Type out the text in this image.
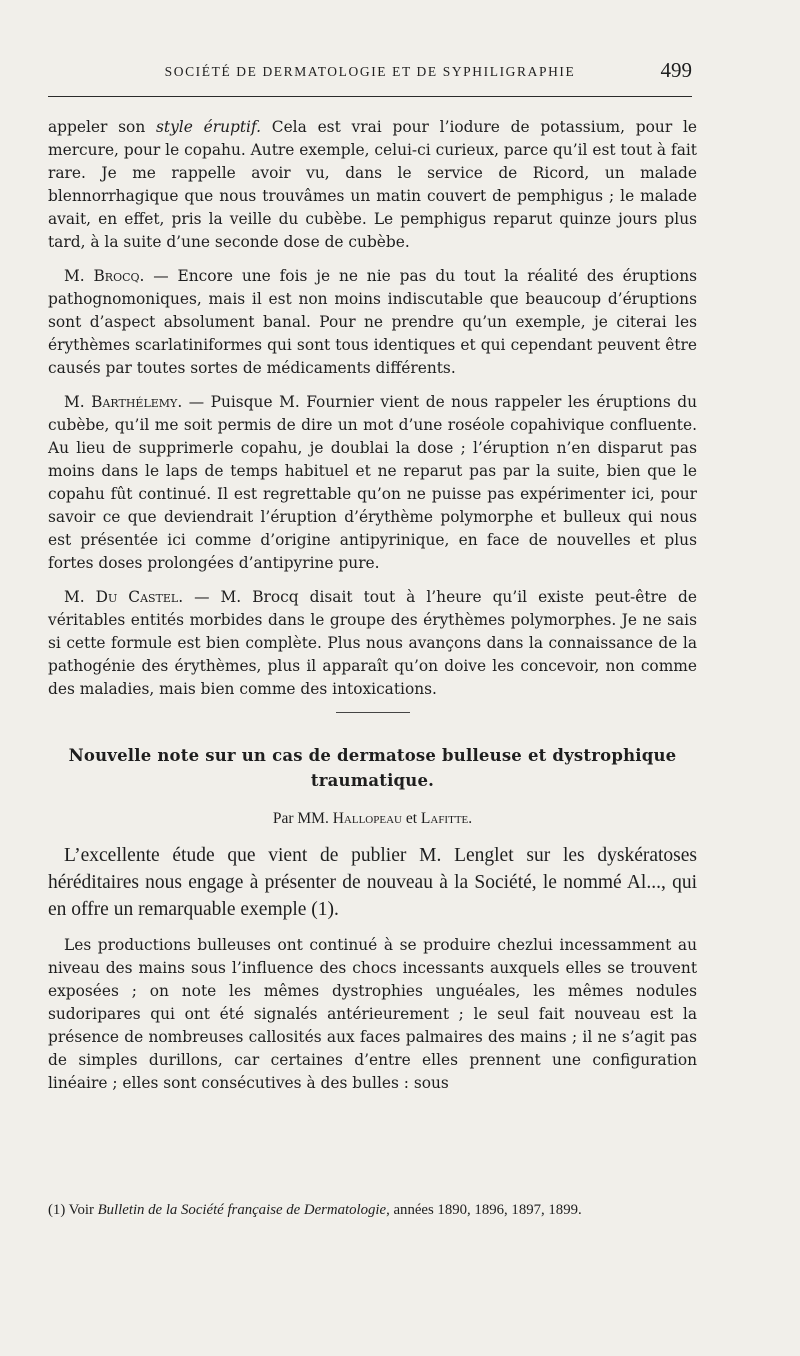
SOCIÉTÉ DE DERMATOLOGIE ET DE SYPHILIGRAPHIE	499

appeler son style éruptif. Cela est vrai pour l’iodure de potassium, pour le mercure, pour le copahu. Autre exemple, celui-ci curieux, parce qu’il est tout à fait rare. Je me rappelle avoir vu, dans le service de Ricord, un malade blennorrhagique que nous trouvâmes un matin couvert de pemphigus ; le malade avait, en effet, pris la veille du cubèbe. Le pemphigus reparut quinze jours plus tard, à la suite d’une seconde dose de cubèbe.

M. Brocq. — Encore une fois je ne nie pas du tout la réalité des éruptions pathognomoniques, mais il est non moins indiscutable que beaucoup d’éruptions sont d’aspect absolument banal. Pour ne prendre qu’un exemple, je citerai les érythèmes scarlatiniformes qui sont tous identiques et qui cependant peuvent être causés par toutes sortes de médicaments différents.

M. Barthélemy. — Puisque M. Fournier vient de nous rappeler les éruptions du cubèbe, qu’il me soit permis de dire un mot d’une roséole copahivique confluente. Au lieu de supprimerle copahu, je doublai la dose ; l’éruption n’en disparut pas moins dans le laps de temps habituel et ne reparut pas par la suite, bien que le copahu fût continué. Il est regrettable qu’on ne puisse pas expérimenter ici, pour savoir ce que deviendrait l’éruption d’érythème polymorphe et bulleux qui nous est présentée ici comme d’origine antipyrinique, en face de nouvelles et plus fortes doses prolongées d’antipyrine pure.

M. Du Castel. — M. Brocq disait tout à l’heure qu’il existe peut-être de véritables entités morbides dans le groupe des érythèmes polymorphes. Je ne sais si cette formule est bien complète. Plus nous avançons dans la connaissance de la pathogénie des érythèmes, plus il apparaît qu’on doive les concevoir, non comme des maladies, mais bien comme des intoxications.

Nouvelle note sur un cas de dermatose bulleuse et dystrophique traumatique.
Par MM. Hallopeau et Lafitte.

L’excellente étude que vient de publier M. Lenglet sur les dyskératoses héréditaires nous engage à présenter de nouveau à la Société, le nommé Al..., qui en offre un remarquable exemple (1).

Les productions bulleuses ont continué à se produire chezlui incessamment au niveau des mains sous l’influence des chocs incessants auxquels elles se trouvent exposées ; on note les mêmes dystrophies unguéales, les mêmes nodules sudoripares qui ont été signalés antérieurement ; le seul fait nouveau est la présence de nombreuses callosités aux faces palmaires des mains ; il ne s’agit pas de simples durillons, car certaines d’entre elles prennent une configuration linéaire ; elles sont consécutives à des bulles : sous

(1) Voir Bulletin de la Société française de Dermatologie, années 1890, 1896, 1897, 1899.
